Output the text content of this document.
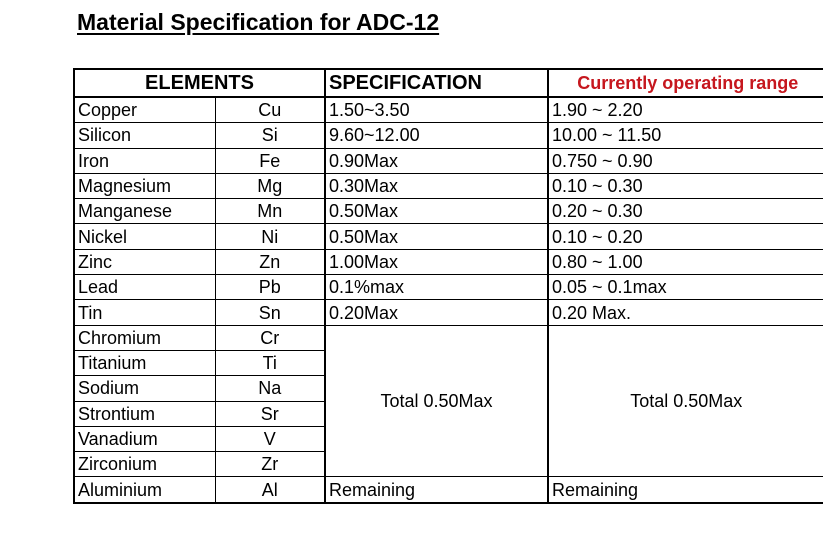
Material Specification for ADC-12
ELEMENTS		SPECIFICATION	Currently operating range
Copper	Cu	1.50~3.50	1.90 ~ 2.20
Silicon	Si	9.60~12.00	10.00 ~ 11.50
Iron	Fe	0.90Max	0.750 ~ 0.90
Magnesium	Mg	0.30Max	0.10 ~ 0.30
Manganese	Mn	0.50Max	0.20 ~ 0.30
Nickel	Ni	0.50Max	0.10 ~ 0.20
Zinc	Zn	1.00Max	0.80 ~ 1.00
Lead	Pb	0.1%max	0.05 ~ 0.1max
Tin	Sn	0.20Max	0.20 Max.
Chromium	Cr	Total 0.50Max	Total 0.50Max
Titanium	Ti		
Sodium	Na		
Strontium	Sr		
Vanadium	V		
Zirconium	Zr		
Aluminium	Al	Remaining	Remaining
